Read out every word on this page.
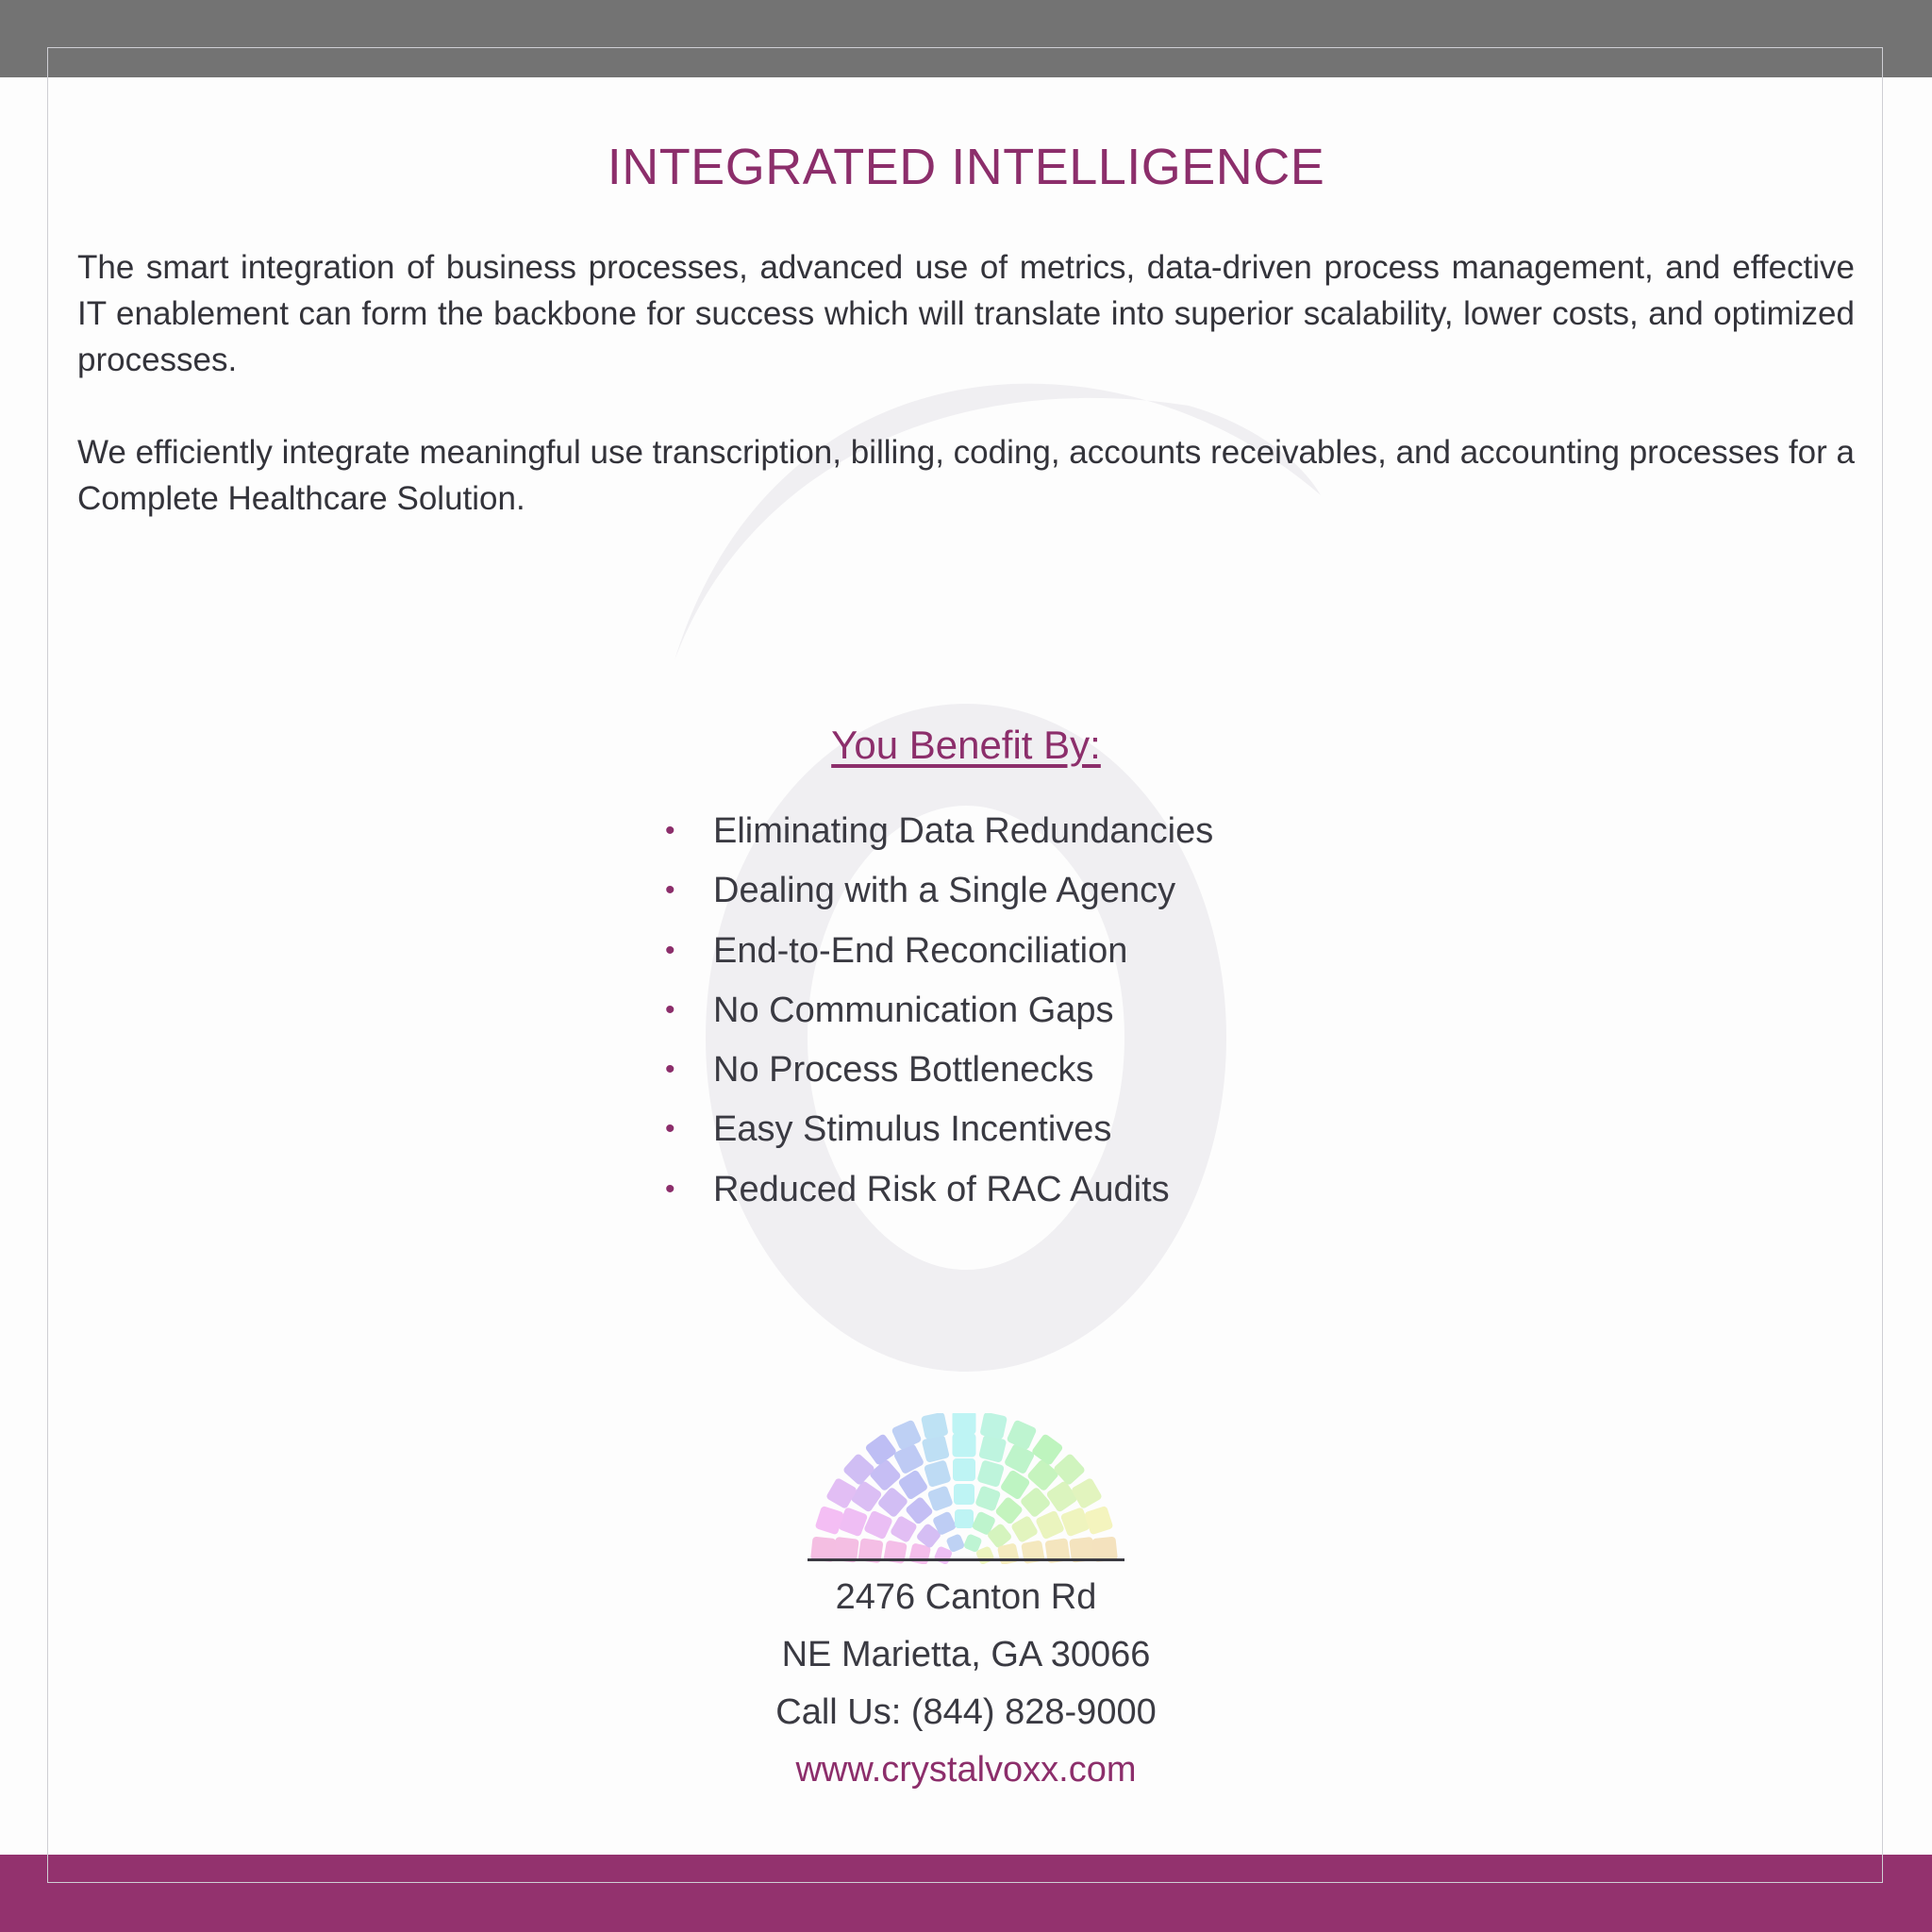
INTEGRATED INTELLIGENCE

The smart integration of business processes, advanced use of metrics, data-driven process management, and effective IT enablement can form the backbone for success which will translate into superior scalability, lower costs, and optimized processes.

We efficiently integrate meaningful use transcription, billing, coding, accounts receivables, and accounting processes for a Complete Healthcare Solution.

You Benefit By:
• Eliminating Data Redundancies
• Dealing with a Single Agency
• End-to-End Reconciliation
• No Communication Gaps
• No Process Bottlenecks
• Easy Stimulus Incentives
• Reduced Risk of RAC Audits

2476 Canton Rd

NE Marietta, GA 30066

Call Us: (844) 828-9000

www.crystalvoxx.com
